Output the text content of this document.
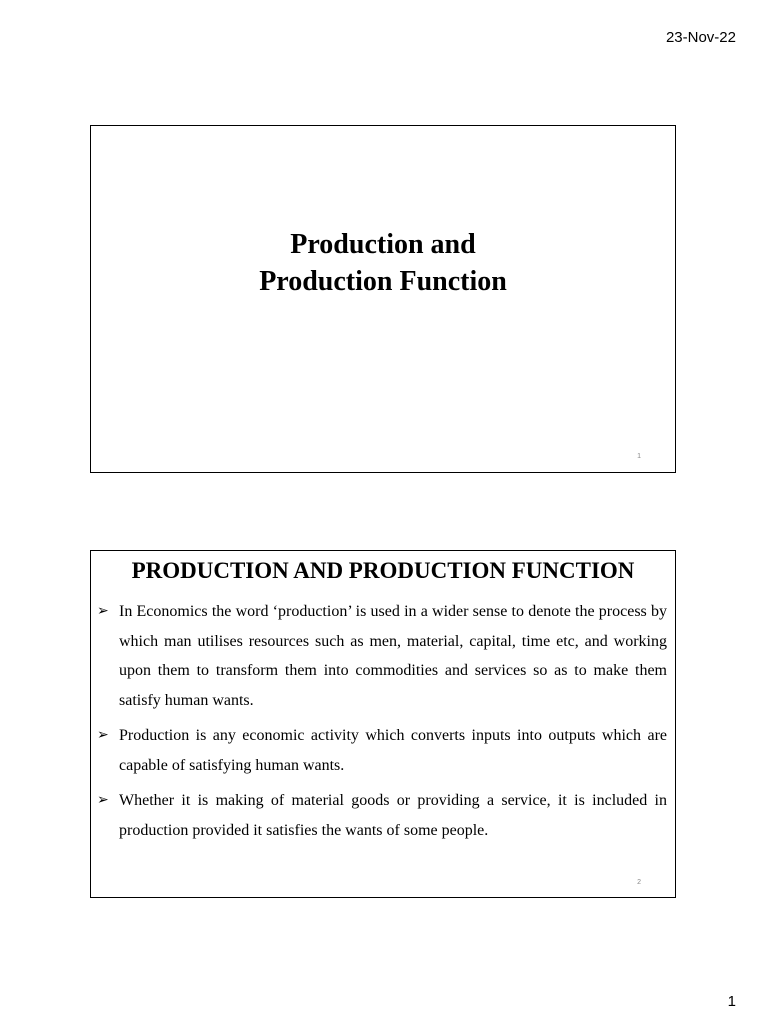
23-Nov-22
Production and
Production Function
1
PRODUCTION AND PRODUCTION FUNCTION
➢ In Economics the word ‘production’ is used in a wider sense to denote the process by which man utilises resources such as men, material, capital, time etc, and working upon them to transform them into commodities and services so as to make them satisfy human wants.
➢ Production is any economic activity which converts inputs into outputs which are capable of satisfying human wants.
➢ Whether it is making of material goods or providing a service, it is included in production provided it satisfies the wants of some people.
2
1
